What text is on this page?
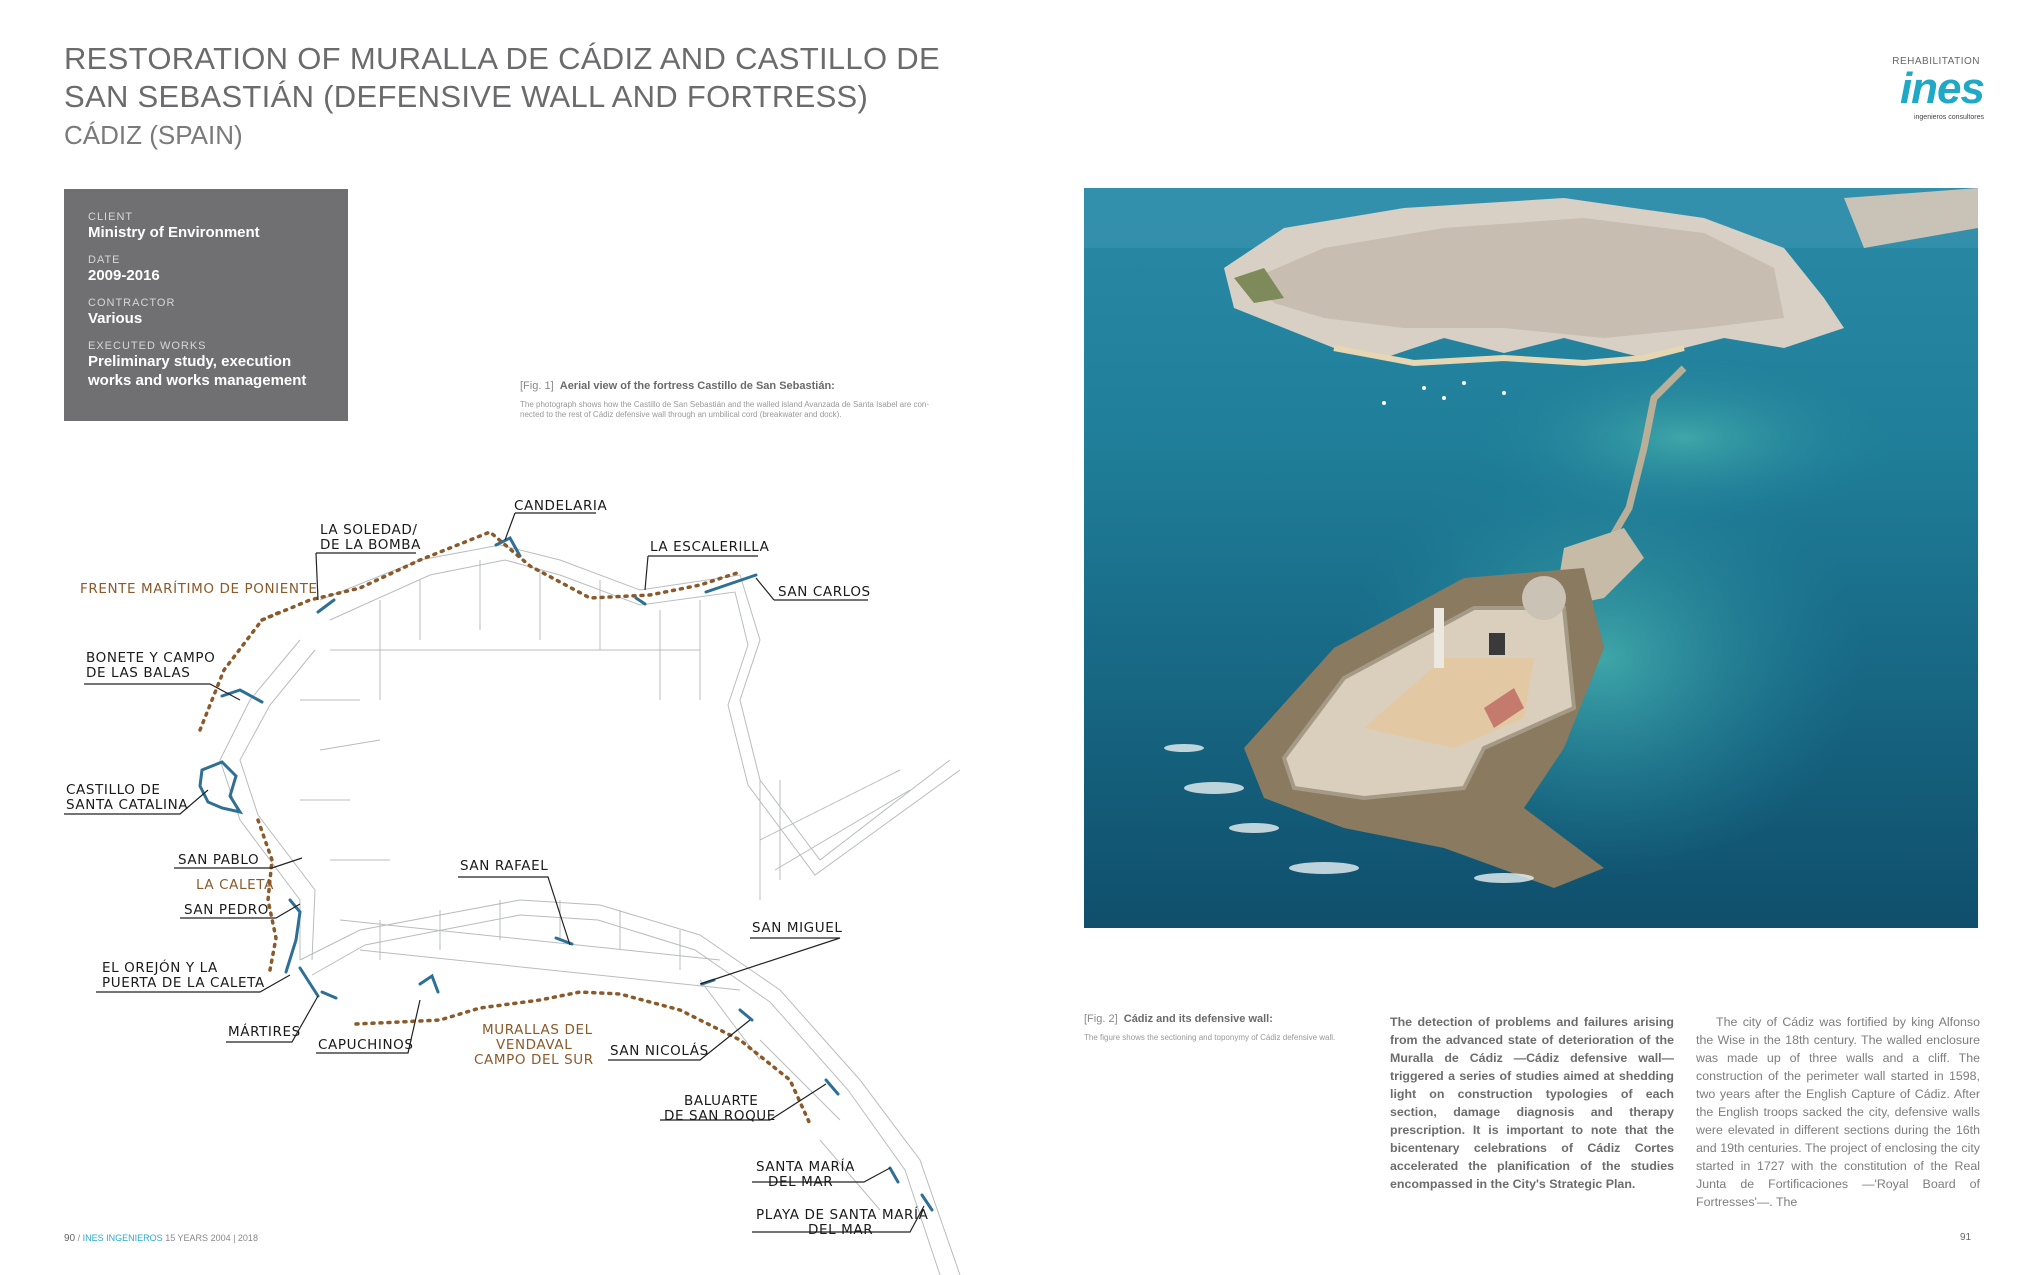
RESTORATION OF MURALLA DE CÁDIZ AND CASTILLO DE
SAN SEBASTIÁN (DEFENSIVE WALL AND FORTRESS)
CÁDIZ (SPAIN)
REHABILITATION
ines
ingenieros consultores
CLIENT
Ministry of Environment
DATE
2009-2016
CONTRACTOR
Various
EXECUTED WORKS
Preliminary study, execution
works and works management	[Fig. 1] Aerial view of the fortress Castillo de San Sebastián:
The photograph shows how the Castillo de San Sebastián and the walled island Avanzada de Santa Isabel are con-
nected to the rest of Cádiz defensive wall through an umbilical cord (breakwater and dock).
CANDELARIA
LA SOLEDAD/
DE LA BOMBA	LA ESCALERILLA
FRENTE MARÍTIMO DE PONIENTE	SAN CARLOS
BONETE Y CAMPO
DE LAS BALAS
CASTILLO DE
SANTA CATALINA
SAN PABLO
LA CALETA
SAN PEDRO
SAN RAFAEL
SAN MIGUEL
EL OREJÓN Y LA
PUERTA DE LA CALETA
MÁRTIRES
CAPUCHINOS
MURALLAS DEL
VENDAVAL
CAMPO DEL SUR
SAN NICOLÁS
BALUARTE
DE SAN ROQUE
SANTA MARÍA
DEL MAR
PLAYA DE SANTA MARÍA
DEL MAR
[Fig. 2] Cádiz and its defensive wall:
The figure shows the sectioning and toponymy of Cádiz defensive wall.
The detection of problems and failures arising from the advanced state of deterioration of the Muralla de Cádiz —Cádiz defensive wall— triggered a series of studies aimed at shedding light on construction typologies of each section, damage diagnosis and therapy prescription. It is important to note that the bicentenary celebrations of Cádiz Cortes accelerated the planification of the studies encompassed in the City's Strategic Plan.
The city of Cádiz was fortified by king Alfonso the Wise in the 18th century. The walled enclosure was made up of three walls and a cliff. The construction of the perimeter wall started in 1598, two years after the English Capture of Cádiz. After the English troops sacked the city, defensive walls were elevated in different sections during the 16th and 19th centuries. The project of enclosing the city started in 1727 with the constitution of the Real Junta de Fortificaciones —'Royal Board of Fortresses'—. The
90 / INES INGENIEROS 15 YEARS 2004 | 2018	91
